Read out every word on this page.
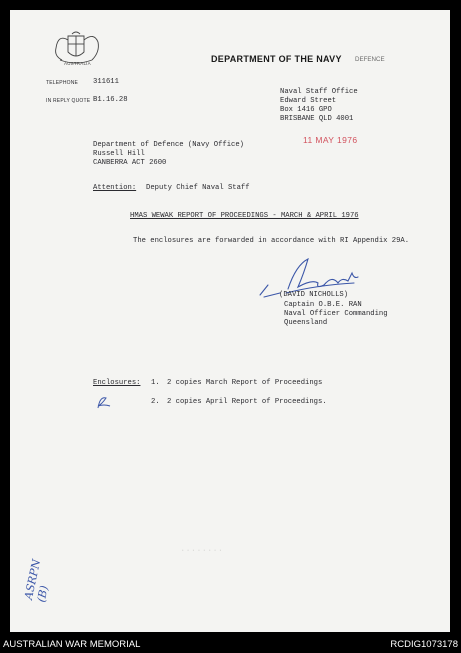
AUSTRALIA	DEPARTMENT OF THE NAVY DEFENCE
TELEPHONE 311611
IN REPLY QUOTE B1.16.28
Naval Staff Office
Edward Street
Box 1416 GPO
BRISBANE QLD 4001
11 MAY 1976
Department of Defence (Navy Office)
Russell Hill
CANBERRA ACT 2600
Attention: Deputy Chief Naval Staff
HMAS WEWAK REPORT OF PROCEEDINGS - MARCH & APRIL 1976
The enclosures are forwarded in accordance with RI Appendix 29A.
(DAVID NICHOLLS)
Captain O.B.E. RAN
Naval Officer Commanding
Queensland
Enclosures: 1. 2 copies March Report of Proceedings
2. 2 copies April Report of Proceedings.
........
ASRPN (B)
AUSTRALIAN WAR MEMORIAL	RCDIG1073178
